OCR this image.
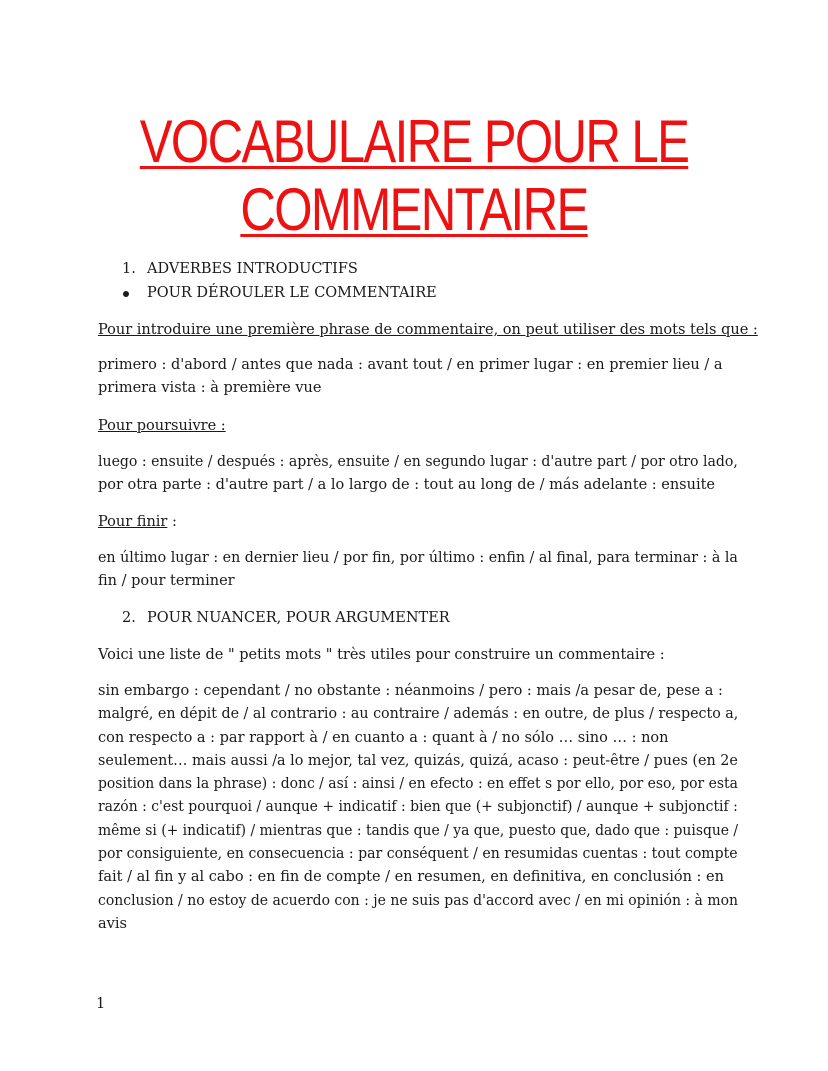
VOCABULAIRE POUR LE
COMMENTAIRE
1. ADVERBES INTRODUCTIFS
POUR DÉROULER LE COMMENTAIRE

Pour introduire une première phrase de commentaire, on peut utiliser des mots tels que :

primero : d'abord / antes que nada : avant tout / en primer lugar : en premier lieu / a
primera vista : à première vue

Pour poursuivre :

luego : ensuite / después : après, ensuite / en segundo lugar : d'autre part / por otro lado,
por otra parte : d'autre part / a lo largo de : tout au long de / más adelante : ensuite

Pour finir :

en último lugar : en dernier lieu / por fin, por último : enfin / al final, para terminar : à la
fin / pour terminer

2. POUR NUANCER, POUR ARGUMENTER

Voici une liste de " petits mots " très utiles pour construire un commentaire :

sin embargo : cependant / no obstante : néanmoins / pero : mais /a pesar de, pese a :
malgré, en dépit de / al contrario : au contraire / además : en outre, de plus / respecto a,
con respecto a : par rapport à / en cuanto a : quant à / no sólo … sino … : non
seulement… mais aussi /a lo mejor, tal vez, quizás, quizá, acaso : peut-être / pues (en 2e position dans la phrase) : donc / así : ainsi / en efecto : en effet s por ello, por eso, por esta razón : c'est pourquoi / aunque + indicatif : bien que (+ subjonctif) / aunque + subjonctif : même si (+ indicatif) / mientras que : tandis que / ya que, puesto que, dado que : puisque / por consiguiente, en consecuencia : par conséquent / en resumidas cuentas : tout compte
fait / al fin y al cabo : en fin de compte / en resumen, en definitiva, en conclusión : en
conclusion / no estoy de acuerdo con : je ne suis pas d'accord avec / en mi opinión : à mon
avis
1
